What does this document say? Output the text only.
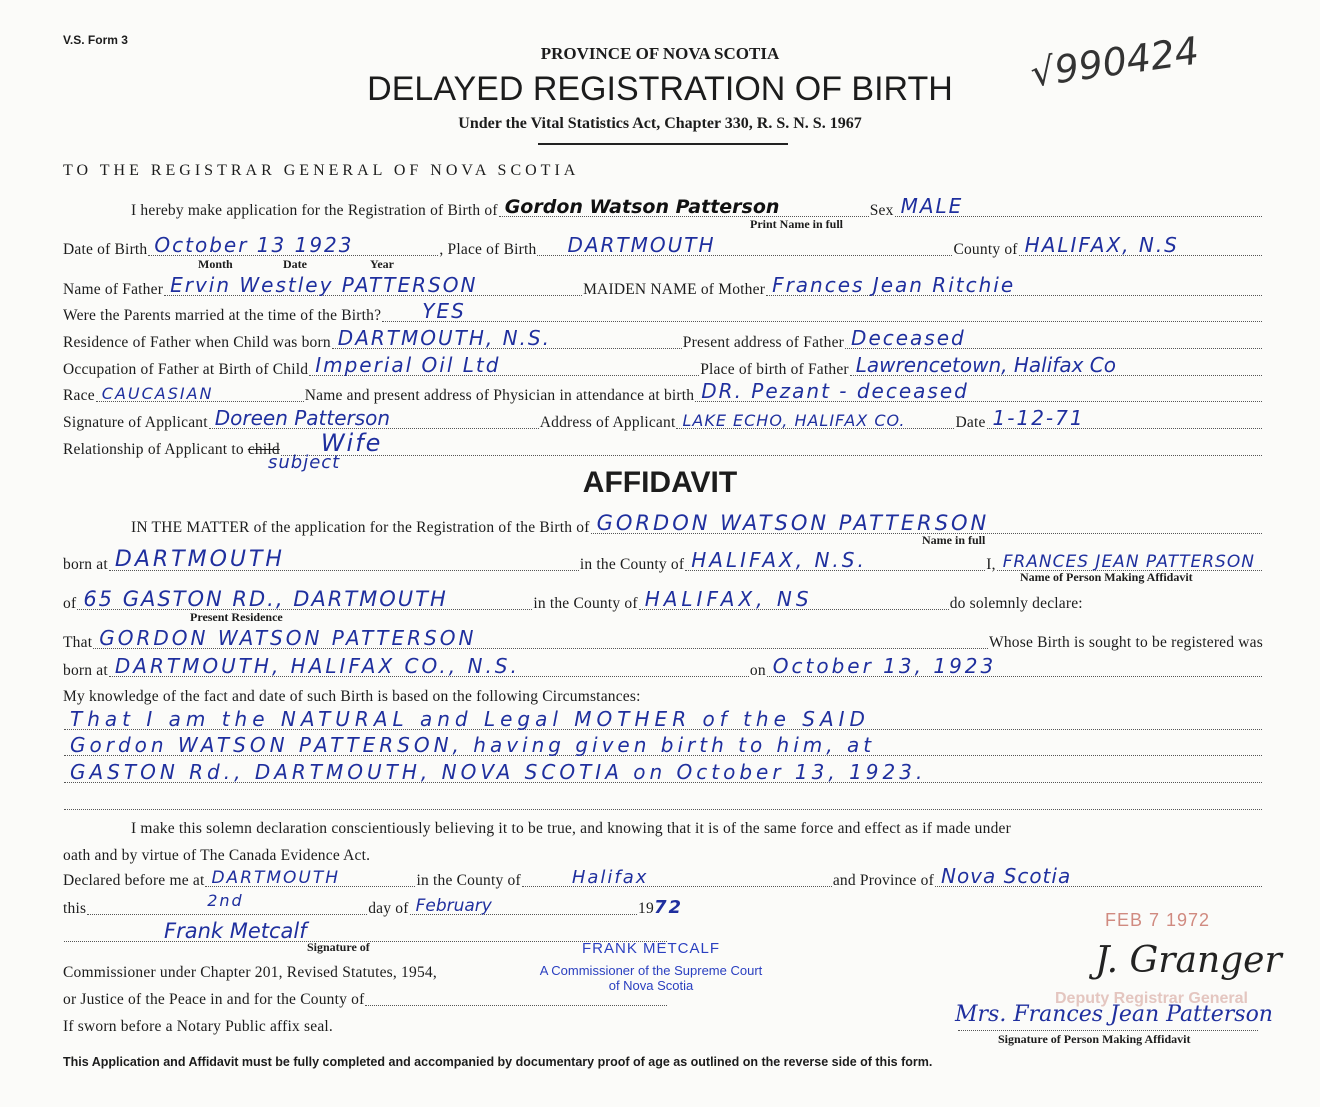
V.S. Form 3
PROVINCE OF NOVA SCOTIA
DELAYED REGISTRATION OF BIRTH
Under the Vital Statistics Act, Chapter 330, R. S. N. S. 1967
√990424
TO THE REGISTRAR GENERAL OF NOVA SCOTIA
I hereby make application for the Registration of Birth of Gordon Watson Patterson	Sex MALE
Print Name in full
Date of Birth October 13 1923	, Place of Birth DARTMOUTH	County of HALIFAX, N.S
Month	Date	Year
Name of Father Ervin Westley PATTERSON	MAIDEN NAME of Mother Frances Jean Ritchie
Were the Parents married at the time of the Birth? YES
Residence of Father when Child was born DARTMOUTH, N.S.	Present address of Father Deceased
Occupation of Father at Birth of Child Imperial Oil Ltd	Place of birth of Father Lawrencetown, Halifax Co
Race CAUCASIAN	Name and present address of Physician in attendance at birth DR. Pezant - deceased
Signature of Applicant Doreen Patterson	Address of Applicant LAKE ECHO, HALIFAX CO.	Date 1-12-71
Relationship of Applicant to child Wife
subject
AFFIDAVIT
IN THE MATTER of the application for the Registration of the Birth of GORDON WATSON PATTERSON
Name in full
born at DARTMOUTH	in the County of HALIFAX, N.S.	I, FRANCES JEAN PATTERSON
Name of Person Making Affidavit
of 65 GASTON RD., DARTMOUTH	in the County of HALIFAX, NS	do solemnly declare:
Present Residence
That GORDON WATSON PATTERSON	Whose Birth is sought to be registered was
born at DARTMOUTH, HALIFAX CO., N.S.	on October 13, 1923
My knowledge of the fact and date of such Birth is based on the following Circumstances:
That I am the NATURAL and Legal MOTHER of the SAID
Gordon WATSON PATTERSON, having given birth to him, at
GASTON Rd., DARTMOUTH, NOVA SCOTIA on October 13, 1923.
I make this solemn declaration conscientiously believing it to be true, and knowing that it is of the same force and effect as if made under
oath and by virtue of The Canada Evidence Act.
Declared before me at DARTMOUTH	in the County of	Halifax	and Province of Nova Scotia
this	2nd	day of February	19 72
Frank Metcalf
Signature of
Commissioner under Chapter 201, Revised Statutes, 1954,
FRANK METCALF
A Commissioner of the Supreme Court
of Nova Scotia
or Justice of the Peace in and for the County of
If sworn before a Notary Public affix seal.
FEB 7 1972
Deputy Registrar General
J. Granger
Mrs. Frances Jean Patterson
Signature of Person Making Affidavit
This Application and Affidavit must be fully completed and accompanied by documentary proof of age as outlined on the reverse side of this form.
